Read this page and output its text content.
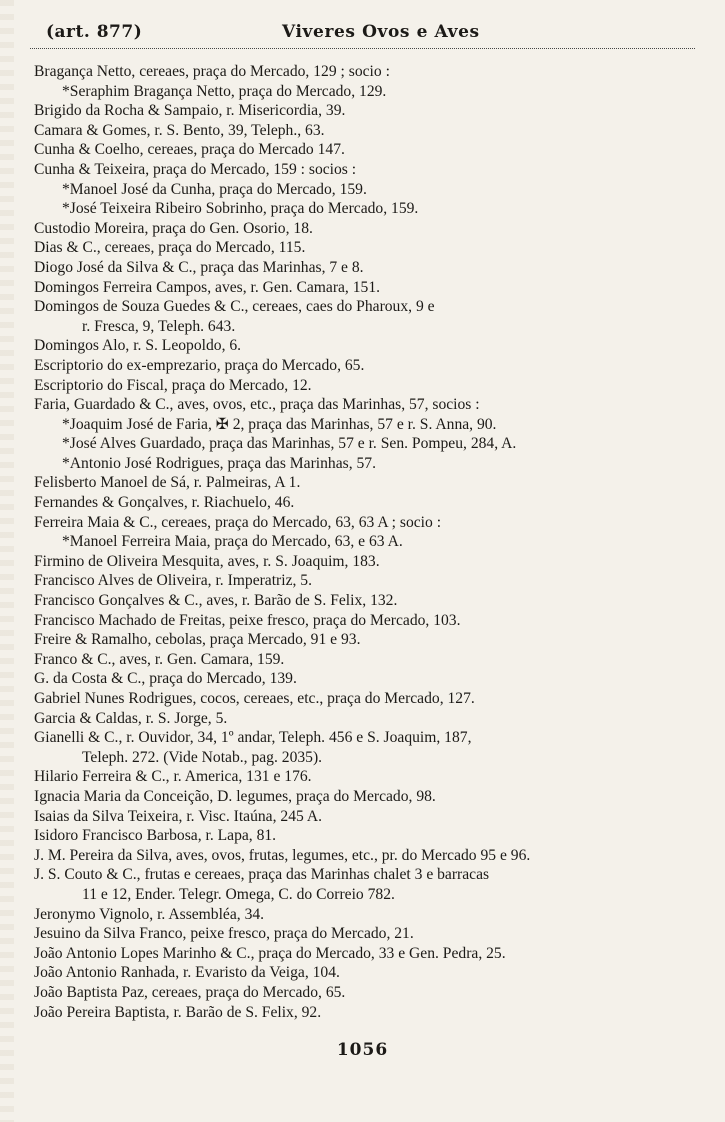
(art. 877)	Viveres Ovos e Aves
Bragança Netto, cereaes, praça do Mercado, 129 ; socio :
*Seraphim Bragança Netto, praça do Mercado, 129.
Brigido da Rocha & Sampaio, r. Misericordia, 39.
Camara & Gomes, r. S. Bento, 39, Teleph., 63.
Cunha & Coelho, cereaes, praça do Mercado 147.
Cunha & Teixeira, praça do Mercado, 159 : socios :
*Manoel José da Cunha, praça do Mercado, 159.
*José Teixeira Ribeiro Sobrinho, praça do Mercado, 159.
Custodio Moreira, praça do Gen. Osorio, 18.
Dias & C., cereaes, praça do Mercado, 115.
Diogo José da Silva & C., praça das Marinhas, 7 e 8.
Domingos Ferreira Campos, aves, r. Gen. Camara, 151.
Domingos de Souza Guedes & C., cereaes, caes do Pharoux, 9 e
r. Fresca, 9, Teleph. 643.
Domingos Alo, r. S. Leopoldo, 6.
Escriptorio do ex-emprezario, praça do Mercado, 65.
Escriptorio do Fiscal, praça do Mercado, 12.
Faria, Guardado & C., aves, ovos, etc., praça das Marinhas, 57, socios :
*Joaquim José de Faria, ✠ 2, praça das Marinhas, 57 e r. S. Anna, 90.
*José Alves Guardado, praça das Marinhas, 57 e r. Sen. Pompeu, 284, A.
*Antonio José Rodrigues, praça das Marinhas, 57.
Felisberto Manoel de Sá, r. Palmeiras, A 1.
Fernandes & Gonçalves, r. Riachuelo, 46.
Ferreira Maia & C., cereaes, praça do Mercado, 63, 63 A ; socio :
*Manoel Ferreira Maia, praça do Mercado, 63, e 63 A.
Firmino de Oliveira Mesquita, aves, r. S. Joaquim, 183.
Francisco Alves de Oliveira, r. Imperatriz, 5.
Francisco Gonçalves & C., aves, r. Barão de S. Felix, 132.
Francisco Machado de Freitas, peixe fresco, praça do Mercado, 103.
Freire & Ramalho, cebolas, praça Mercado, 91 e 93.
Franco & C., aves, r. Gen. Camara, 159.
G. da Costa & C., praça do Mercado, 139.
Gabriel Nunes Rodrigues, cocos, cereaes, etc., praça do Mercado, 127.
Garcia & Caldas, r. S. Jorge, 5.
Gianelli & C., r. Ouvidor, 34, 1º andar, Teleph. 456 e S. Joaquim, 187,
Teleph. 272. (Vide Notab., pag. 2035).
Hilario Ferreira & C., r. America, 131 e 176.
Ignacia Maria da Conceição, D. legumes, praça do Mercado, 98.
Isaias da Silva Teixeira, r. Visc. Itaúna, 245 A.
Isidoro Francisco Barbosa, r. Lapa, 81.
J. M. Pereira da Silva, aves, ovos, frutas, legumes, etc., pr. do Mercado 95 e 96.
J. S. Couto & C., frutas e cereaes, praça das Marinhas chalet 3 e barracas
11 e 12, Ender. Telegr. Omega, C. do Correio 782.
Jeronymo Vignolo, r. Assembléa, 34.
Jesuino da Silva Franco, peixe fresco, praça do Mercado, 21.
João Antonio Lopes Marinho & C., praça do Mercado, 33 e Gen. Pedra, 25.
João Antonio Ranhada, r. Evaristo da Veiga, 104.
João Baptista Paz, cereaes, praça do Mercado, 65.
João Pereira Baptista, r. Barão de S. Felix, 92.
1056
